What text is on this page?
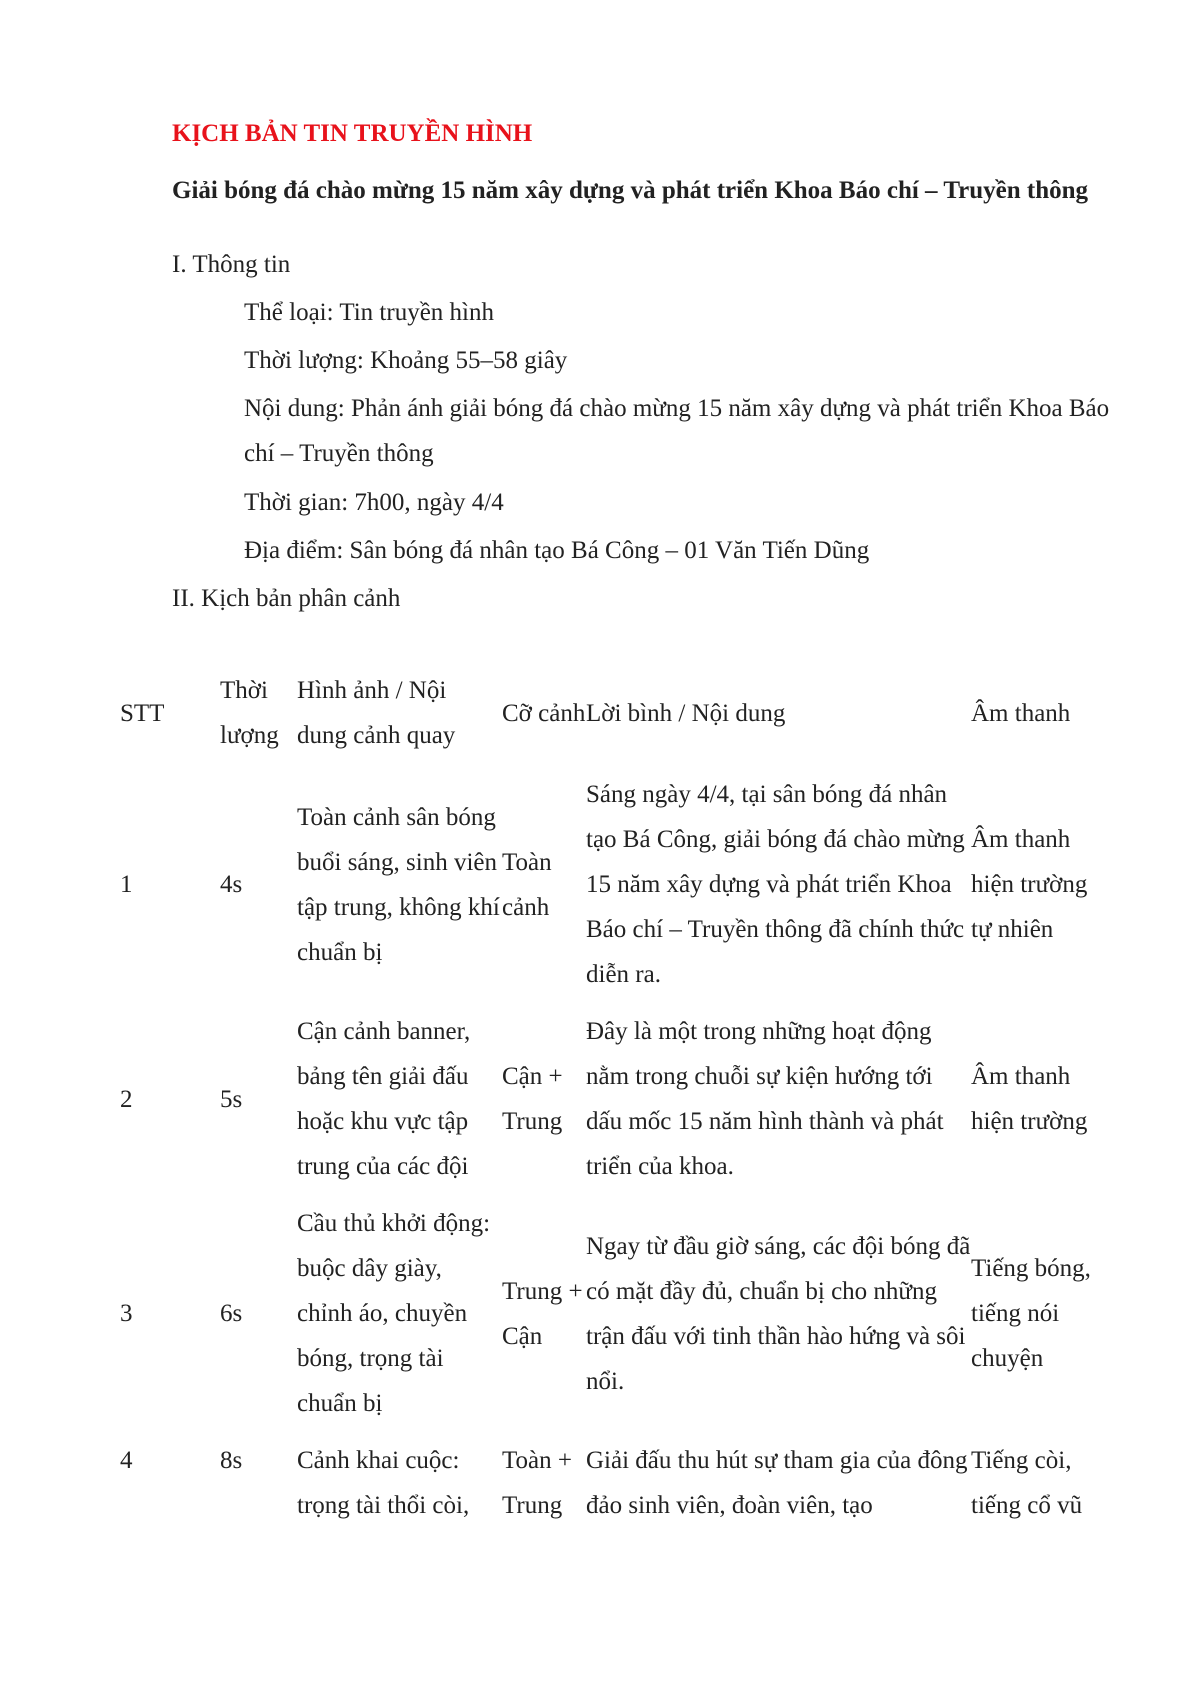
KỊCH BẢN TIN TRUYỀN HÌNH
Giải bóng đá chào mừng 15 năm xây dựng và phát triển Khoa Báo chí – Truyền thông
I. Thông tin
Thể loại: Tin truyền hình
Thời lượng: Khoảng 55–58 giây
Nội dung: Phản ánh giải bóng đá chào mừng 15 năm xây dựng và phát triển Khoa Báo chí – Truyền thông
Thời gian: 7h00, ngày 4/4
Địa điểm: Sân bóng đá nhân tạo Bá Công – 01 Văn Tiến Dũng
II. Kịch bản phân cảnh
STT	Thời lượng	Hình ảnh / Nội dung cảnh quay	Cỡ cảnh	Lời bình / Nội dung	Âm thanh
1	4s	Toàn cảnh sân bóng buổi sáng, sinh viên tập trung, không khí chuẩn bị	Toàn cảnh	Sáng ngày 4/4, tại sân bóng đá nhân tạo Bá Công, giải bóng đá chào mừng 15 năm xây dựng và phát triển Khoa Báo chí – Truyền thông đã chính thức diễn ra.	Âm thanh hiện trường tự nhiên
2	5s	Cận cảnh banner, bảng tên giải đấu hoặc khu vực tập trung của các đội	Cận + Trung	Đây là một trong những hoạt động nằm trong chuỗi sự kiện hướng tới dấu mốc 15 năm hình thành và phát triển của khoa.	Âm thanh hiện trường
3	6s	Cầu thủ khởi động: buộc dây giày, chỉnh áo, chuyền bóng, trọng tài chuẩn bị	Trung + Cận	Ngay từ đầu giờ sáng, các đội bóng đã có mặt đầy đủ, chuẩn bị cho những trận đấu với tinh thần hào hứng và sôi nổi.	Tiếng bóng, tiếng nói chuyện
4	8s	Cảnh khai cuộc: trọng tài thổi còi,	Toàn + Trung	Giải đấu thu hút sự tham gia của đông đảo sinh viên, đoàn viên, tạo	Tiếng còi, tiếng cổ vũ
